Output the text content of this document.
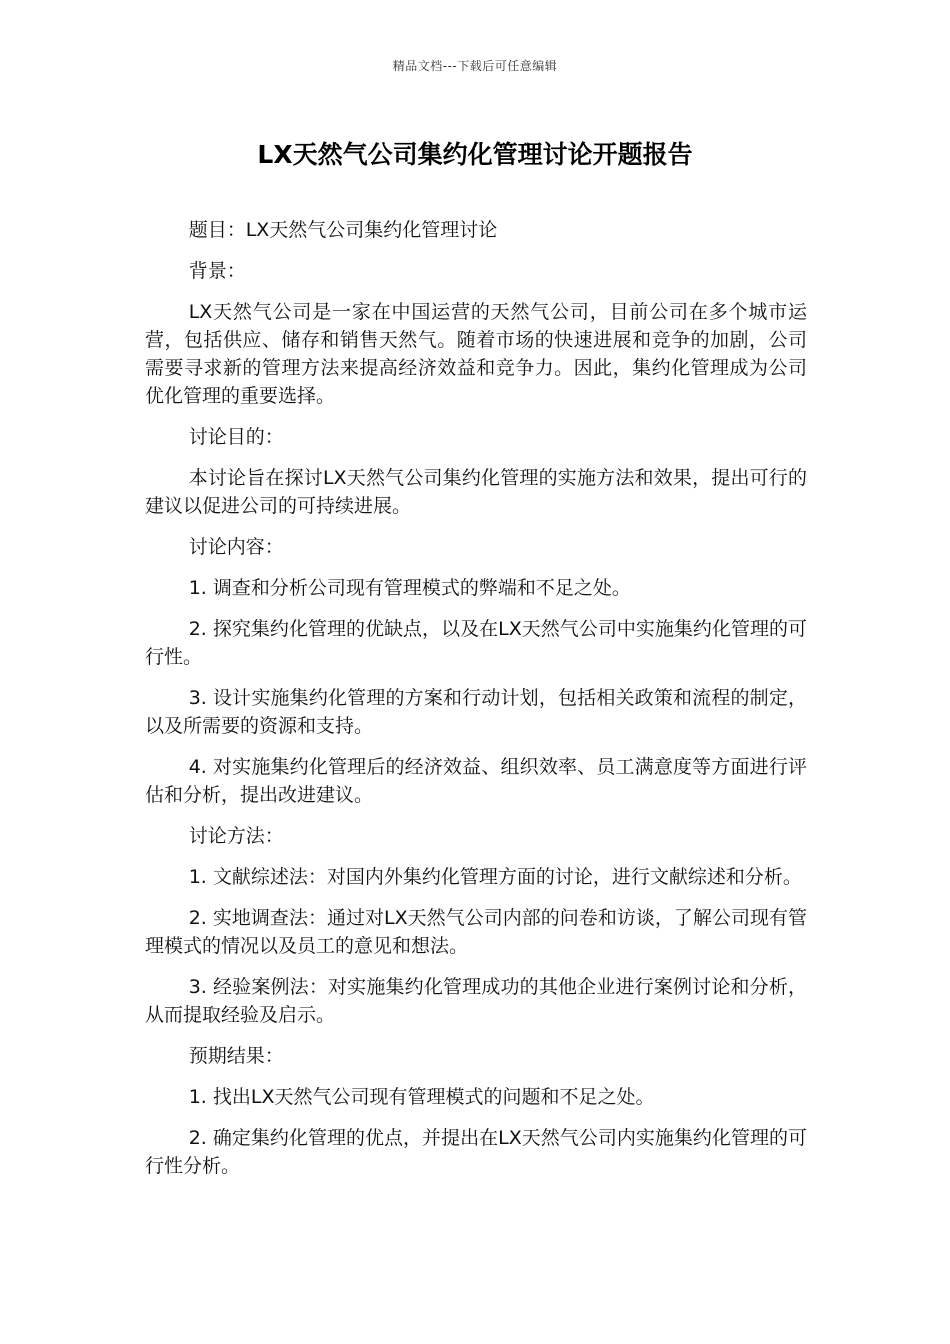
精品文档---下载后可任意编辑
LX天然气公司集约化管理讨论开题报告

题目：LX天然气公司集约化管理讨论

背景：

LX天然气公司是一家在中国运营的天然气公司，目前公司在多个城市运营，包括供应、储存和销售天然气。随着市场的快速进展和竞争的加剧，公司需要寻求新的管理方法来提高经济效益和竞争力。因此，集约化管理成为公司优化管理的重要选择。

讨论目的：

本讨论旨在探讨LX天然气公司集约化管理的实施方法和效果，提出可行的建议以促进公司的可持续进展。

讨论内容：

1. 调查和分析公司现有管理模式的弊端和不足之处。

2. 探究集约化管理的优缺点，以及在LX天然气公司中实施集约化管理的可行性。

3. 设计实施集约化管理的方案和行动计划，包括相关政策和流程的制定，以及所需要的资源和支持。

4. 对实施集约化管理后的经济效益、组织效率、员工满意度等方面进行评估和分析，提出改进建议。

讨论方法：

1. 文献综述法：对国内外集约化管理方面的讨论，进行文献综述和分析。

2. 实地调查法：通过对LX天然气公司内部的问卷和访谈，了解公司现有管理模式的情况以及员工的意见和想法。

3. 经验案例法：对实施集约化管理成功的其他企业进行案例讨论和分析，从而提取经验及启示。

预期结果：

1. 找出LX天然气公司现有管理模式的问题和不足之处。

2. 确定集约化管理的优点，并提出在LX天然气公司内实施集约化管理的可行性分析。
